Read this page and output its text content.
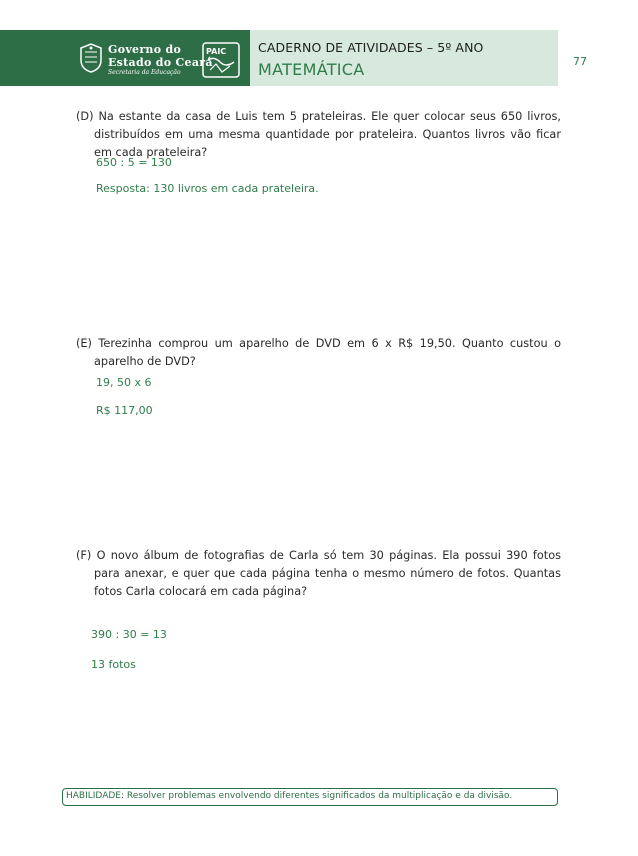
Governo do
Estado do Ceará
Secretaria da Educação
PAIC	CADERNO DE ATIVIDADES – 5º ANO
MATEMÁTICA	77
(D) Na estante da casa de Luis tem 5 prateleiras. Ele quer colocar seus 650 livros, distribuídos em uma mesma quantidade por prateleira. Quantos livros vão ficar em cada prateleira?
650 : 5 = 130
Resposta: 130 livros em cada prateleira.
(E) Terezinha comprou um aparelho de DVD em 6 x R$ 19,50. Quanto custou o aparelho de DVD?
19, 50 x 6
R$ 117,00
(F) O novo álbum de fotografias de Carla só tem 30 páginas. Ela possui 390 fotos para anexar, e quer que cada página tenha o mesmo número de fotos. Quantas fotos Carla colocará em cada página?
390 : 30 = 13
13 fotos
HABILIDADE: Resolver problemas envolvendo diferentes significados da multiplicação e da divisão.
